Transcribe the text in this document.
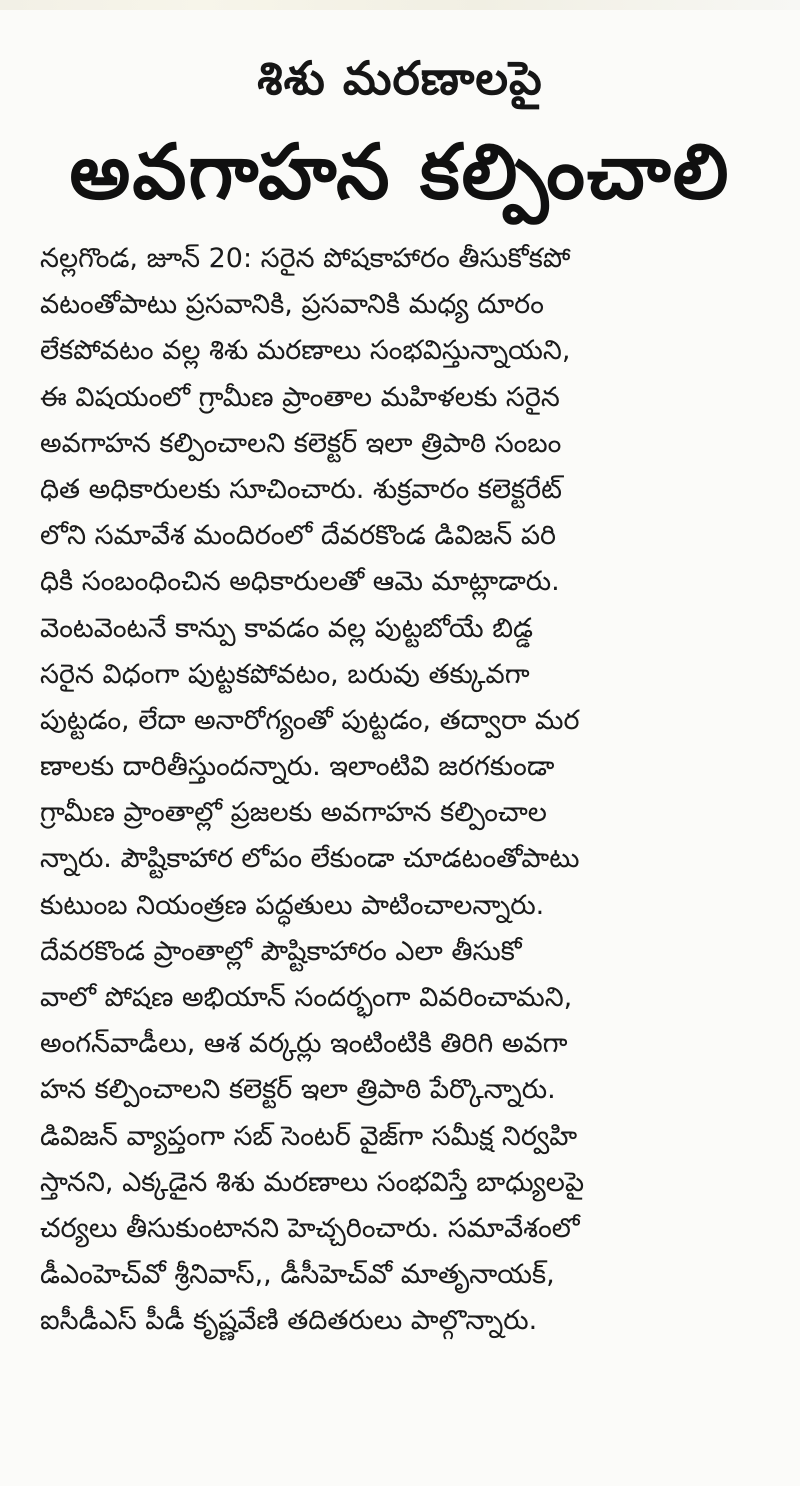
శిశు మరణాలపై
అవగాహన కల్పించాలి
నల్లగొండ, జూన్ 20: సరైన పోషకాహారం తీసుకోకపో
వటంతోపాటు ప్రసవానికి, ప్రసవానికి మధ్య దూరం
లేకపోవటం వల్ల శిశు మరణాలు సంభవిస్తున్నాయని,
ఈ విషయంలో గ్రామీణ ప్రాంతాల మహిళలకు సరైన
అవగాహన కల్పించాలని కలెక్టర్ ఇలా త్రిపాఠి సంబం
ధిత అధికారులకు సూచించారు. శుక్రవారం కలెక్టరేట్
లోని సమావేశ మందిరంలో దేవరకొండ డివిజన్ పరి
ధికి సంబంధించిన అధికారులతో ఆమె మాట్లాడారు.
వెంటవెంటనే కాన్పు కావడం వల్ల పుట్టబోయే బిడ్డ
సరైన విధంగా పుట్టకపోవటం, బరువు తక్కువగా
పుట్టడం, లేదా అనారోగ్యంతో పుట్టడం, తద్వారా మర
ణాలకు దారితీస్తుందన్నారు. ఇలాంటివి జరగకుండా
గ్రామీణ ప్రాంతాల్లో ప్రజలకు అవగాహన కల్పించాల
న్నారు. పౌష్టికాహార లోపం లేకుండా చూడటంతోపాటు
కుటుంబ నియంత్రణ పద్ధతులు పాటించాలన్నారు.
దేవరకొండ ప్రాంతాల్లో పౌష్టికాహారం ఎలా తీసుకో
వాలో పోషణ అభియాన్ సందర్భంగా వివరించామని,
అంగన్‌వాడీలు, ఆశ వర్కర్లు ఇంటింటికి తిరిగి అవగా
హన కల్పించాలని కలెక్టర్ ఇలా త్రిపాఠి పేర్కొన్నారు.
డివిజన్ వ్యాప్తంగా సబ్ సెంటర్ వైజ్‌గా సమీక్ష నిర్వహి
స్తానని, ఎక్కడైన శిశు మరణాలు సంభవిస్తే బాధ్యులపై
చర్యలు తీసుకుంటానని హెచ్చరించారు. సమావేశంలో
డీఎంహెచ్‌వో శ్రీనివాస్,, డీసీహెచ్‌వో మాతృనాయక్,
ఐసీడీఎస్ పీడీ కృష్ణవేణి తదితరులు పాల్గొన్నారు.
